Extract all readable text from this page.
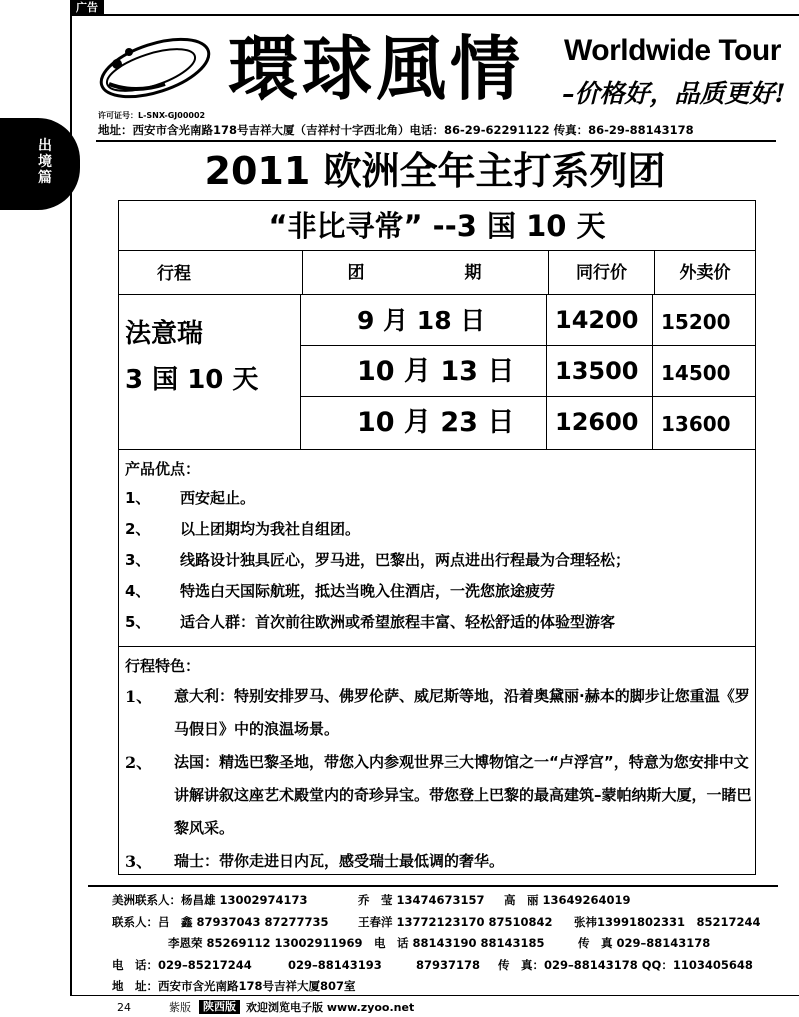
广告
出境篇
環球風情	Worldwide Tour
–价格好，品质更好!
许可证号：L-SNX-GJ00002
地址：西安市含光南路178号吉祥大厦（吉祥村十字西北角）电话：86-29-62291122 传真：86-29-88143178
2011 欧洲全年主打系列团
“非比寻常” --3 国 10 天
行程	团　　期	同行价	外卖价
法意瑞
3 国 10 天
9 月 18 日	14200	15200
10 月 13 日	13500	14500
10 月 23 日	12600	13600
产品优点：
1、	西安起止。
2、	以上团期均为我社自组团。
3、	线路设计独具匠心，罗马进，巴黎出，两点进出行程最为合理轻松；
4、	特选白天国际航班，抵达当晚入住酒店，一洗您旅途疲劳
5、	适合人群：首次前往欧洲或希望旅程丰富、轻松舒适的体验型游客
行程特色：
1、	意大利：特别安排罗马、佛罗伦萨、威尼斯等地，沿着奥黛丽·赫本的脚步让您重温《罗马假日》中的浪温场景。
2、	法国：精选巴黎圣地，带您入内参观世界三大博物馆之一“卢浮宫”，特意为您安排中文讲解讲叙这座艺术殿堂内的奇珍异宝。带您登上巴黎的最高建筑–蒙帕纳斯大厦，一睹巴黎风采。
3、	瑞士：带你走进日内瓦，感受瑞士最低调的奢华。
美洲联系人：杨昌雄 13002974173	乔　莹 13474673157 高　丽 13649264019
联系人：吕　鑫 87937043 87277735	王春洋 13772123170 87510842 张祎13991802331　85217244
李恩荣 85269112 13002911969 电　话 88143190 88143185	传　真 029–88143178
电　话：029–85217244	029–88143193	87937178 传　真：029–88143178 QQ：1103405648
地　址：西安市含光南路178号吉祥大厦807室
24	紫版	陕西版 欢迎浏览电子版 www.zyoo.net
